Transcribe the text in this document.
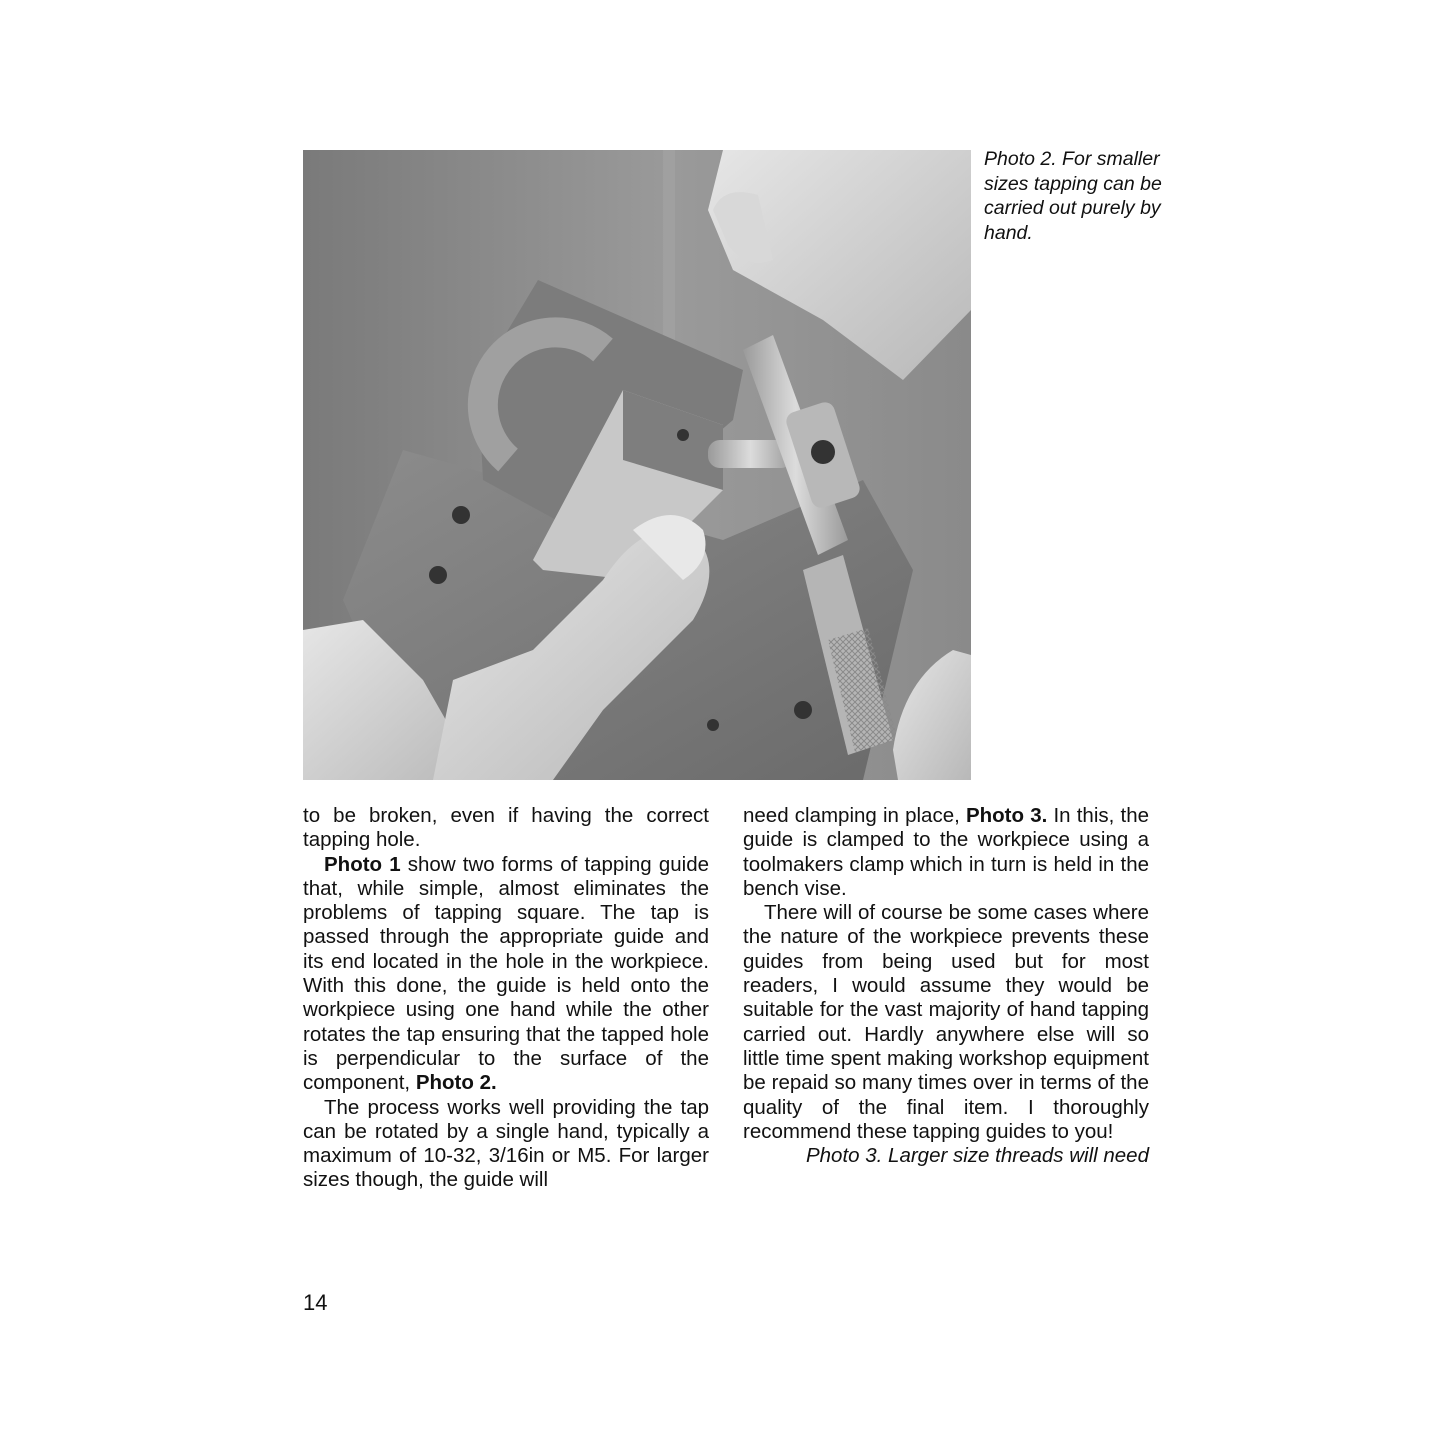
Photo 2. For smaller sizes tapping can be carried out purely by hand.

to be broken, even if having the correct tapping hole.

Photo 1 show two forms of tapping guide that, while simple, almost eliminates the problems of tapping square. The tap is passed through the appropriate guide and its end located in the hole in the workpiece. With this done, the guide is held onto the workpiece using one hand while the other rotates the tap ensuring that the tapped hole is perpendicular to the surface of the component, Photo 2.

The process works well providing the tap can be rotated by a single hand, typically a maximum of 10-32, 3/16in or M5. For larger sizes though, the guide will

need clamping in place, Photo 3. In this, the guide is clamped to the workpiece using a toolmakers clamp which in turn is held in the bench vise.

There will of course be some cases where the nature of the workpiece prevents these guides from being used but for most readers, I would assume they would be suitable for the vast majority of hand tapping carried out. Hardly anywhere else will so little time spent making workshop equipment be repaid so many times over in terms of the quality of the final item. I thoroughly recommend these tapping guides to you!

Photo 3. Larger size threads will need

14
